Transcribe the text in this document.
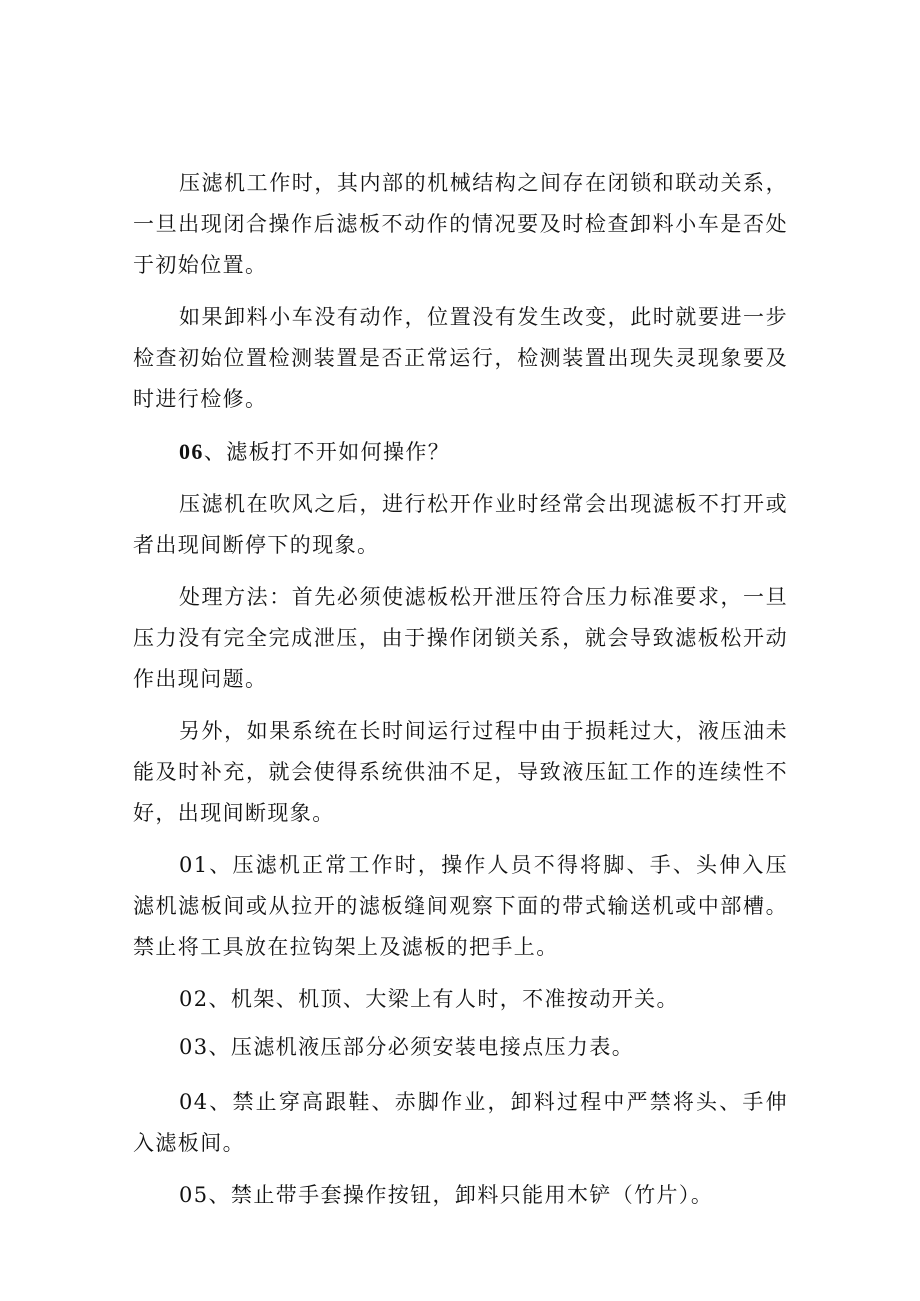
压滤机工作时，其内部的机械结构之间存在闭锁和联动关系，一旦出现闭合操作后滤板不动作的情况要及时检查卸料小车是否处于初始位置。

如果卸料小车没有动作，位置没有发生改变，此时就要进一步检查初始位置检测装置是否正常运行，检测装置出现失灵现象要及时进行检修。

06、滤板打不开如何操作？

压滤机在吹风之后，进行松开作业时经常会出现滤板不打开或者出现间断停下的现象。

处理方法：首先必须使滤板松开泄压符合压力标准要求，一旦压力没有完全完成泄压，由于操作闭锁关系，就会导致滤板松开动作出现问题。

另外，如果系统在长时间运行过程中由于损耗过大，液压油未能及时补充，就会使得系统供油不足，导致液压缸工作的连续性不好，出现间断现象。

01、压滤机正常工作时，操作人员不得将脚、手、头伸入压滤机滤板间或从拉开的滤板缝间观察下面的带式输送机或中部槽。禁止将工具放在拉钩架上及滤板的把手上。

02、机架、机顶、大梁上有人时，不准按动开关。

03、压滤机液压部分必须安装电接点压力表。

04、禁止穿高跟鞋、赤脚作业，卸料过程中严禁将头、手伸入滤板间。

05、禁止带手套操作按钮，卸料只能用木铲（竹片）。
